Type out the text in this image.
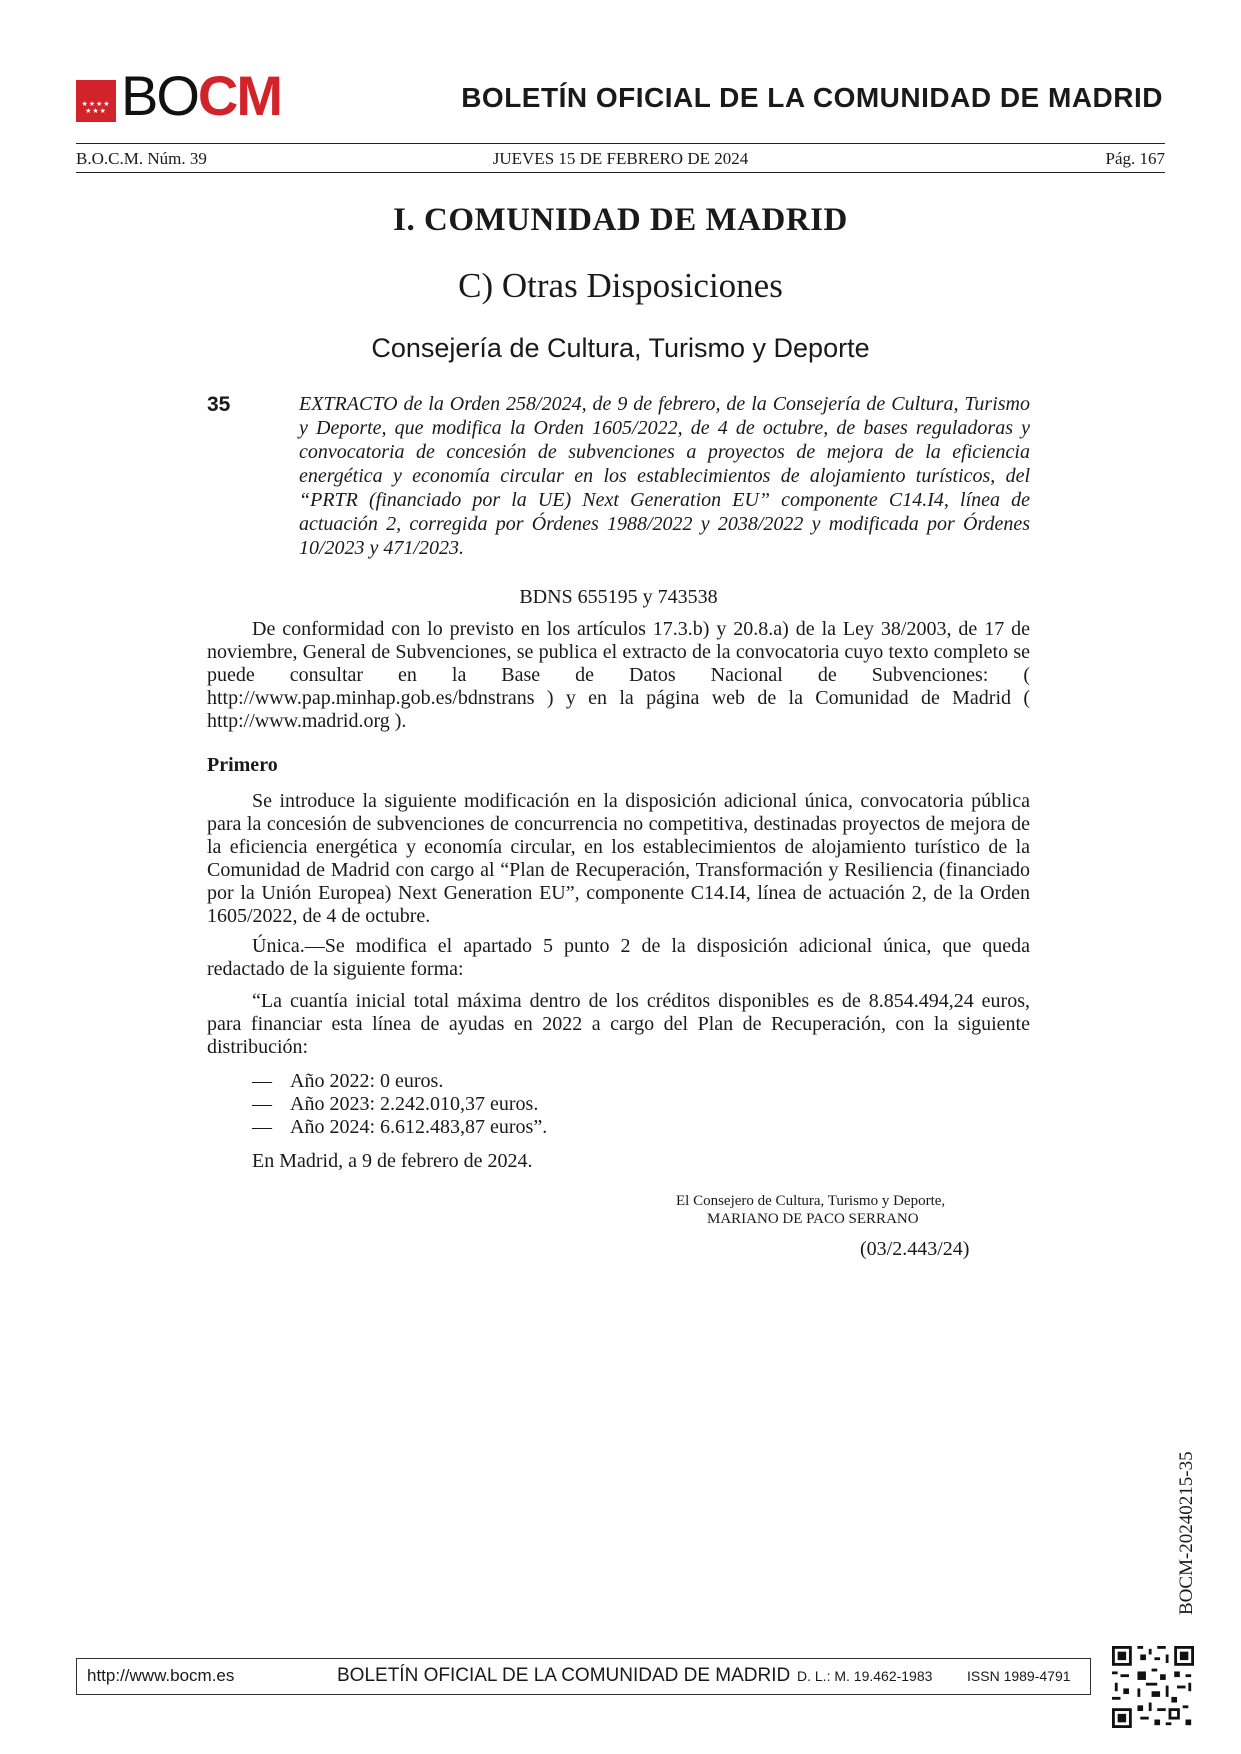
★★★★
★★★ BOCM	BOLETÍN OFICIAL DE LA COMUNIDAD DE MADRID
B.O.C.M. Núm. 39	JUEVES 15 DE FEBRERO DE 2024	Pág. 167
I. COMUNIDAD DE MADRID
C) Otras Disposiciones
Consejería de Cultura, Turismo y Deporte
35	EXTRACTO de la Orden 258/2024, de 9 de febrero, de la Consejería de Cultura, Turismo y Deporte, que modifica la Orden 1605/2022, de 4 de octubre, de bases reguladoras y convocatoria de concesión de subvenciones a proyectos de mejora de la eficiencia energética y economía circular en los establecimientos de alojamiento turísticos, del “PRTR (financiado por la UE) Next Generation EU” componente C14.I4, línea de actuación 2, corregida por Órdenes 1988/2022 y 2038/2022 y modificada por Órdenes 10/2023 y 471/2023.
BDNS 655195 y 743538
De conformidad con lo previsto en los artículos 17.3.b) y 20.8.a) de la Ley 38/2003, de 17 de noviembre, General de Subvenciones, se publica el extracto de la convocatoria cuyo texto completo se puede consultar en la Base de Datos Nacional de Subvenciones: ( http://www.pap.minhap.gob.es/bdnstrans ) y en la página web de la Comunidad de Madrid ( http://www.madrid.org ).
Primero
Se introduce la siguiente modificación en la disposición adicional única, convocatoria pública para la concesión de subvenciones de concurrencia no competitiva, destinadas proyectos de mejora de la eficiencia energética y economía circular, en los establecimientos de alojamiento turístico de la Comunidad de Madrid con cargo al “Plan de Recuperación, Transformación y Resiliencia (financiado por la Unión Europea) Next Generation EU”, componente C14.I4, línea de actuación 2, de la Orden 1605/2022, de 4 de octubre.
Única.—Se modifica el apartado 5 punto 2 de la disposición adicional única, que queda redactado de la siguiente forma:
“La cuantía inicial total máxima dentro de los créditos disponibles es de 8.854.494,24 euros, para financiar esta línea de ayudas en 2022 a cargo del Plan de Recuperación, con la siguiente distribución:
— Año 2022: 0 euros.
— Año 2023: 2.242.010,37 euros.
— Año 2024: 6.612.483,87 euros”.
En Madrid, a 9 de febrero de 2024.
El Consejero de Cultura, Turismo y Deporte,
MARIANO DE PACO SERRANO
(03/2.443/24)
BOCM-20240215-35
http://www.bocm.es	BOLETÍN OFICIAL DE LA COMUNIDAD DE MADRID D. L.: M. 19.462-1983 ISSN 1989-4791
